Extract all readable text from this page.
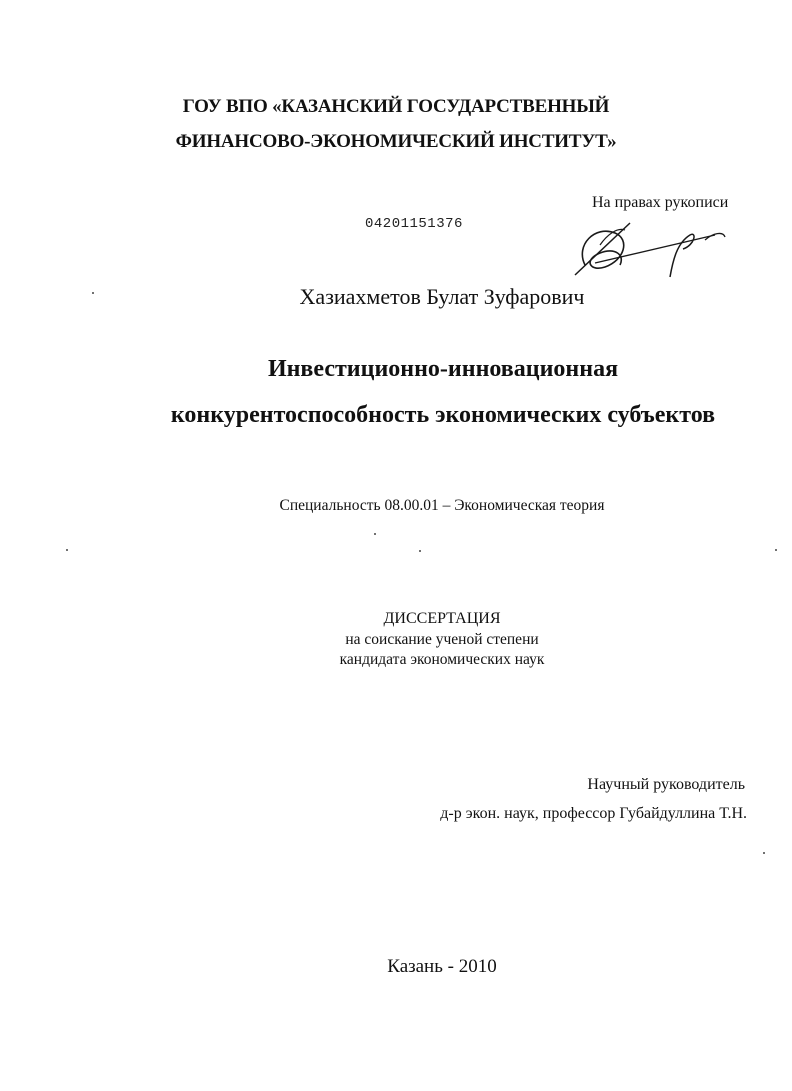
ГОУ ВПО «КАЗАНСКИЙ ГОСУДАРСТВЕННЫЙ
ФИНАНСОВО-ЭКОНОМИЧЕСКИЙ ИНСТИТУТ»
На правах рукописи
04201151376
Хазиахметов Булат Зуфарович
Инвестиционно-инновационная
конкурентоспособность экономических субъектов
Специальность 08.00.01 – Экономическая теория
ДИССЕРТАЦИЯ
на соискание ученой степени
кандидата экономических наук
Научный руководитель
д-р экон. наук, профессор Губайдуллина Т.Н.
Казань - 2010
